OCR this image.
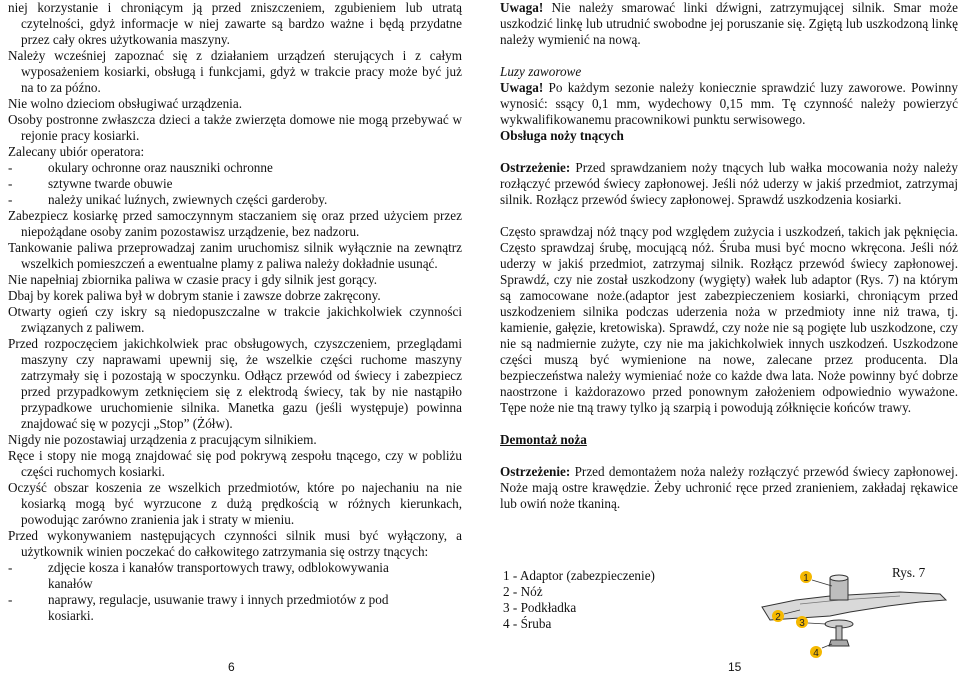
niej korzystanie i chroniącym ją przed zniszczeniem, zgubieniem lub utratą czytelności, gdyż informacje w niej zawarte są bardzo ważne i będą przydatne przez cały okres użytkowania maszyny.

Należy wcześniej zapoznać się z działaniem urządzeń sterujących i z całym wyposażeniem kosiarki, obsługą i funkcjami, gdyż w trakcie pracy może być już na to za późno.

Nie wolno dzieciom obsługiwać urządzenia.

Osoby postronne zwłaszcza dzieci a także zwierzęta domowe nie mogą przebywać w rejonie pracy kosiarki.

Zalecany ubiór operatora:

-	okulary ochronne oraz nauszniki ochronne
-	sztywne twarde obuwie
-	należy unikać luźnych, zwiewnych części garderoby.

Zabezpiecz kosiarkę przed samoczynnym staczaniem się oraz przed użyciem przez niepożądane osoby zanim pozostawisz urządzenie, bez nadzoru.

Tankowanie paliwa przeprowadzaj zanim uruchomisz silnik wyłącznie na zewnątrz wszelkich pomieszczeń a ewentualne plamy z paliwa należy dokładnie usunąć.

Nie napełniaj zbiornika paliwa w czasie pracy i gdy silnik jest gorący.

Dbaj by korek paliwa był w dobrym stanie i zawsze dobrze zakręcony.

Otwarty ogień czy iskry są niedopuszczalne w trakcie jakichkolwiek czynności związanych z paliwem.

Przed rozpoczęciem jakichkolwiek prac obsługowych, czyszczeniem, przeglądami maszyny czy naprawami upewnij się, że wszelkie części ruchome maszyny zatrzymały się i pozostają w spoczynku. Odłącz przewód od świecy i zabezpiecz przed przypadkowym zetknięciem się z elektrodą świecy, tak by nie nastąpiło przypadkowe uruchomienie silnika. Manetka gazu (jeśli występuje) powinna znajdować się w pozycji „Stop” (Żółw).

Nigdy nie pozostawiaj urządzenia z pracującym silnikiem.

Ręce i stopy nie mogą znajdować się pod pokrywą zespołu tnącego, czy w pobliżu części ruchomych kosiarki.

Oczyść obszar koszenia ze wszelkich przedmiotów, które po najechaniu na nie kosiarką mogą być wyrzucone z dużą prędkością w różnych kierunkach, powodując zarówno zranienia jak i straty w mieniu.

Przed wykonywaniem następujących czynności silnik musi być wyłączony, a użytkownik winien poczekać do całkowitego zatrzymania się ostrzy tnących:

-	zdjęcie kosza i kanałów transportowych trawy, odblokowywania
kanałów
-	naprawy, regulacje, usuwanie trawy i innych przedmiotów z pod
kosiarki.
6

Uwaga! Nie należy smarować linki dźwigni, zatrzymującej silnik. Smar może uszkodzić linkę lub utrudnić swobodne jej poruszanie się. Zgiętą lub uszkodzoną linkę należy wymienić na nową.

Luzy zaworowe

Uwaga! Po każdym sezonie należy koniecznie sprawdzić luzy zaworowe. Powinny wynosić: ssący 0,1 mm, wydechowy 0,15 mm. Tę czynność należy powierzyć wykwalifikowanemu pracownikowi punktu serwisowego.

Obsługa noży tnących

Ostrzeżenie: Przed sprawdzaniem noży tnących lub wałka mocowania noży należy rozłączyć przewód świecy zapłonowej. Jeśli nóż uderzy w jakiś przedmiot, zatrzymaj silnik. Rozłącz przewód świecy zapłonowej. Sprawdź uszkodzenia kosiarki.

Często sprawdzaj nóż tnący pod względem zużycia i uszkodzeń, takich jak pęknięcia. Często sprawdzaj śrubę, mocującą nóż. Śruba musi być mocno wkręcona. Jeśli nóż uderzy w jakiś przedmiot, zatrzymaj silnik. Rozłącz przewód świecy zapłonowej. Sprawdź, czy nie został uszkodzony (wygięty) wałek lub adaptor (Rys. 7) na którym są zamocowane noże.(adaptor jest zabezpieczeniem kosiarki, chroniącym przed uszkodzeniem silnika podczas uderzenia noża w przedmioty inne niż trawa, tj. kamienie, gałęzie, kretowiska). Sprawdź, czy noże nie są pogięte lub uszkodzone, czy nie są nadmiernie zużyte, czy nie ma jakichkolwiek innych uszkodzeń. Uszkodzone części muszą być wymienione na nowe, zalecane przez producenta. Dla bezpieczeństwa należy wymieniać noże co każde dwa lata. Noże powinny być dobrze naostrzone i każdorazowo przed ponownym założeniem odpowiednio wyważone. Tępe noże nie tną trawy tylko ją szarpią i powodują zółknięcie końców trawy.

Demontaż noża

Ostrzeżenie: Przed demontażem noża należy rozłączyć przewód świecy zapłonowej. Noże mają ostre krawędzie. Żeby uchronić ręce przed zranieniem, zakładaj rękawice lub owiń noże tkaniną.

1 - Adaptor (zabezpieczenie)
2 - Nóż
3 - Podkładka
4 - Śruba
Rys. 7
1
2
3
4
15
